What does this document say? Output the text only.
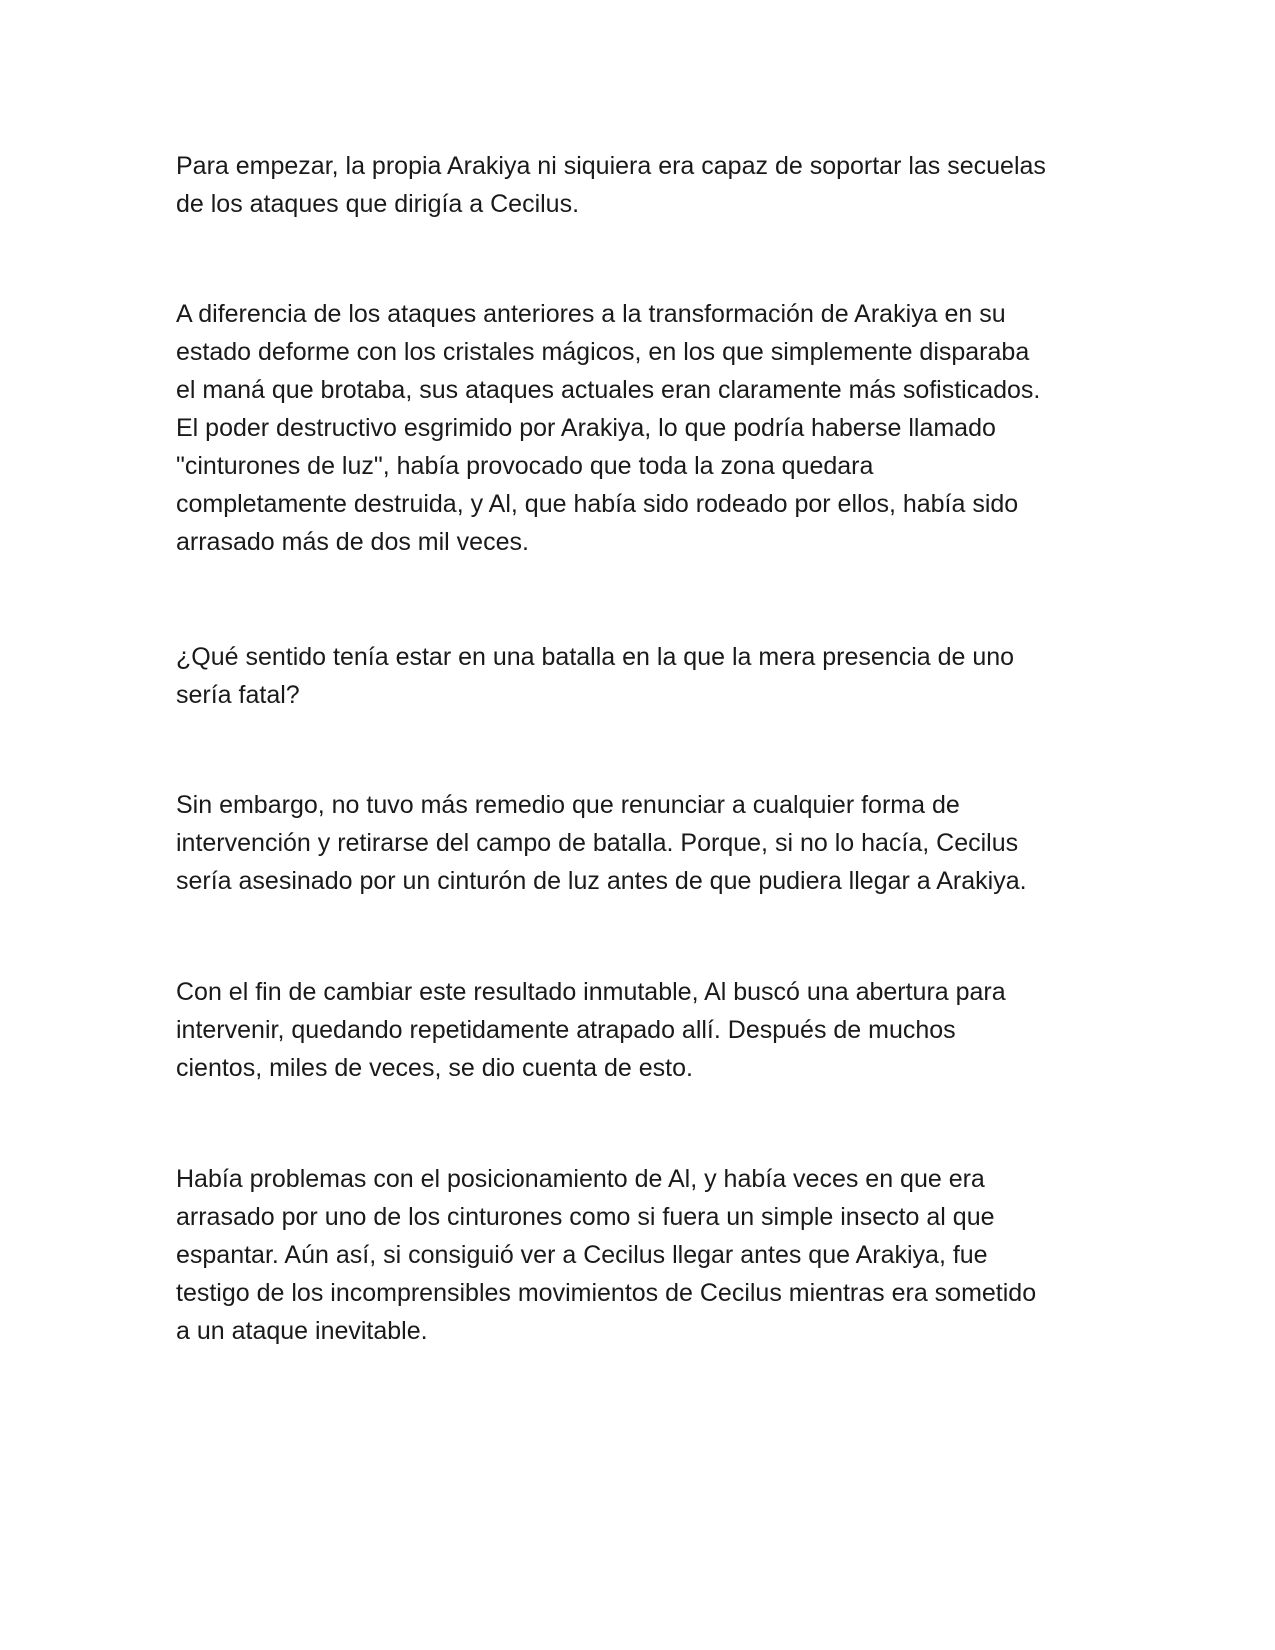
Para empezar, la propia Arakiya ni siquiera era capaz de soportar las secuelas
de los ataques que dirigía a Cecilus.

A diferencia de los ataques anteriores a la transformación de Arakiya en su
estado deforme con los cristales mágicos, en los que simplemente disparaba
el maná que brotaba, sus ataques actuales eran claramente más sofisticados.
El poder destructivo esgrimido por Arakiya, lo que podría haberse llamado
"cinturones de luz", había provocado que toda la zona quedara
completamente destruida, y Al, que había sido rodeado por ellos, había sido
arrasado más de dos mil veces.

¿Qué sentido tenía estar en una batalla en la que la mera presencia de uno
sería fatal?

Sin embargo, no tuvo más remedio que renunciar a cualquier forma de
intervención y retirarse del campo de batalla. Porque, si no lo hacía, Cecilus
sería asesinado por un cinturón de luz antes de que pudiera llegar a Arakiya.

Con el fin de cambiar este resultado inmutable, Al buscó una abertura para
intervenir, quedando repetidamente atrapado allí. Después de muchos
cientos, miles de veces, se dio cuenta de esto.

Había problemas con el posicionamiento de Al, y había veces en que era
arrasado por uno de los cinturones como si fuera un simple insecto al que
espantar. Aún así, si consiguió ver a Cecilus llegar antes que Arakiya, fue
testigo de los incomprensibles movimientos de Cecilus mientras era sometido
a un ataque inevitable.
